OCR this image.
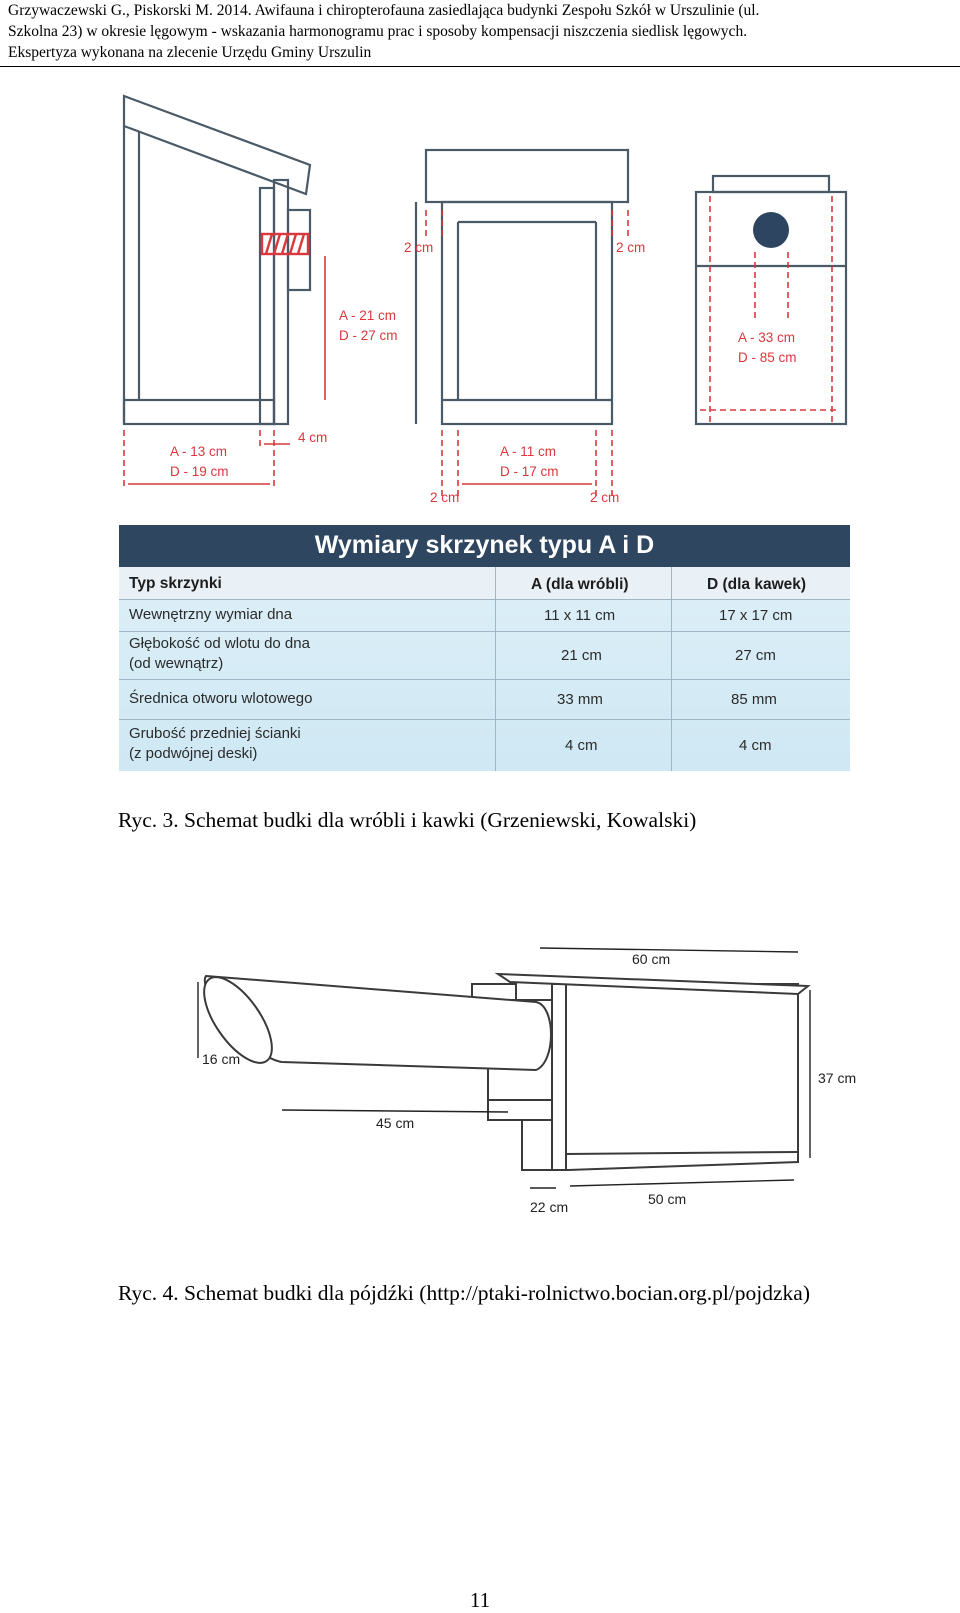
Grzywaczewski G., Piskorski M. 2014. Awifauna i chiropterofauna zasiedlająca budynki Zespołu Szkół w Urszulinie (ul.
Szkolna 23) w okresie lęgowym - wskazania harmonogramu prac i sposoby kompensacji niszczenia siedlisk lęgowych.
Ekspertyza wykonana na zlecenie Urzędu Gminy Urszulin
A - 21 cm
D - 27 cm
A - 13 cm
D - 19 cm
4 cm
2 cm	2 cm
A - 11 cm
D - 17 cm
2 cm	2 cm
A - 33 cm
D - 85 cm
Wymiary skrzynek typu A i D
Typ skrzynki	A (dla wróbli)	D (dla kawek)
Wewnętrzny wymiar dna	11 x 11 cm	17 x 17 cm
Głębokość od wlotu do dna
(od wewnątrz)	21 cm	27 cm
Średnica otworu wlotowego	33 mm	85 mm
Grubość przedniej ścianki
(z podwójnej deski)	4 cm	4 cm
Ryc. 3. Schemat budki dla wróbli i kawki (Grzeniewski, Kowalski)
60 cm
37 cm
16 cm
45 cm
22 cm	50 cm
Ryc. 4. Schemat budki dla pójdźki (http://ptaki-rolnictwo.bocian.org.pl/pojdzka)
11
